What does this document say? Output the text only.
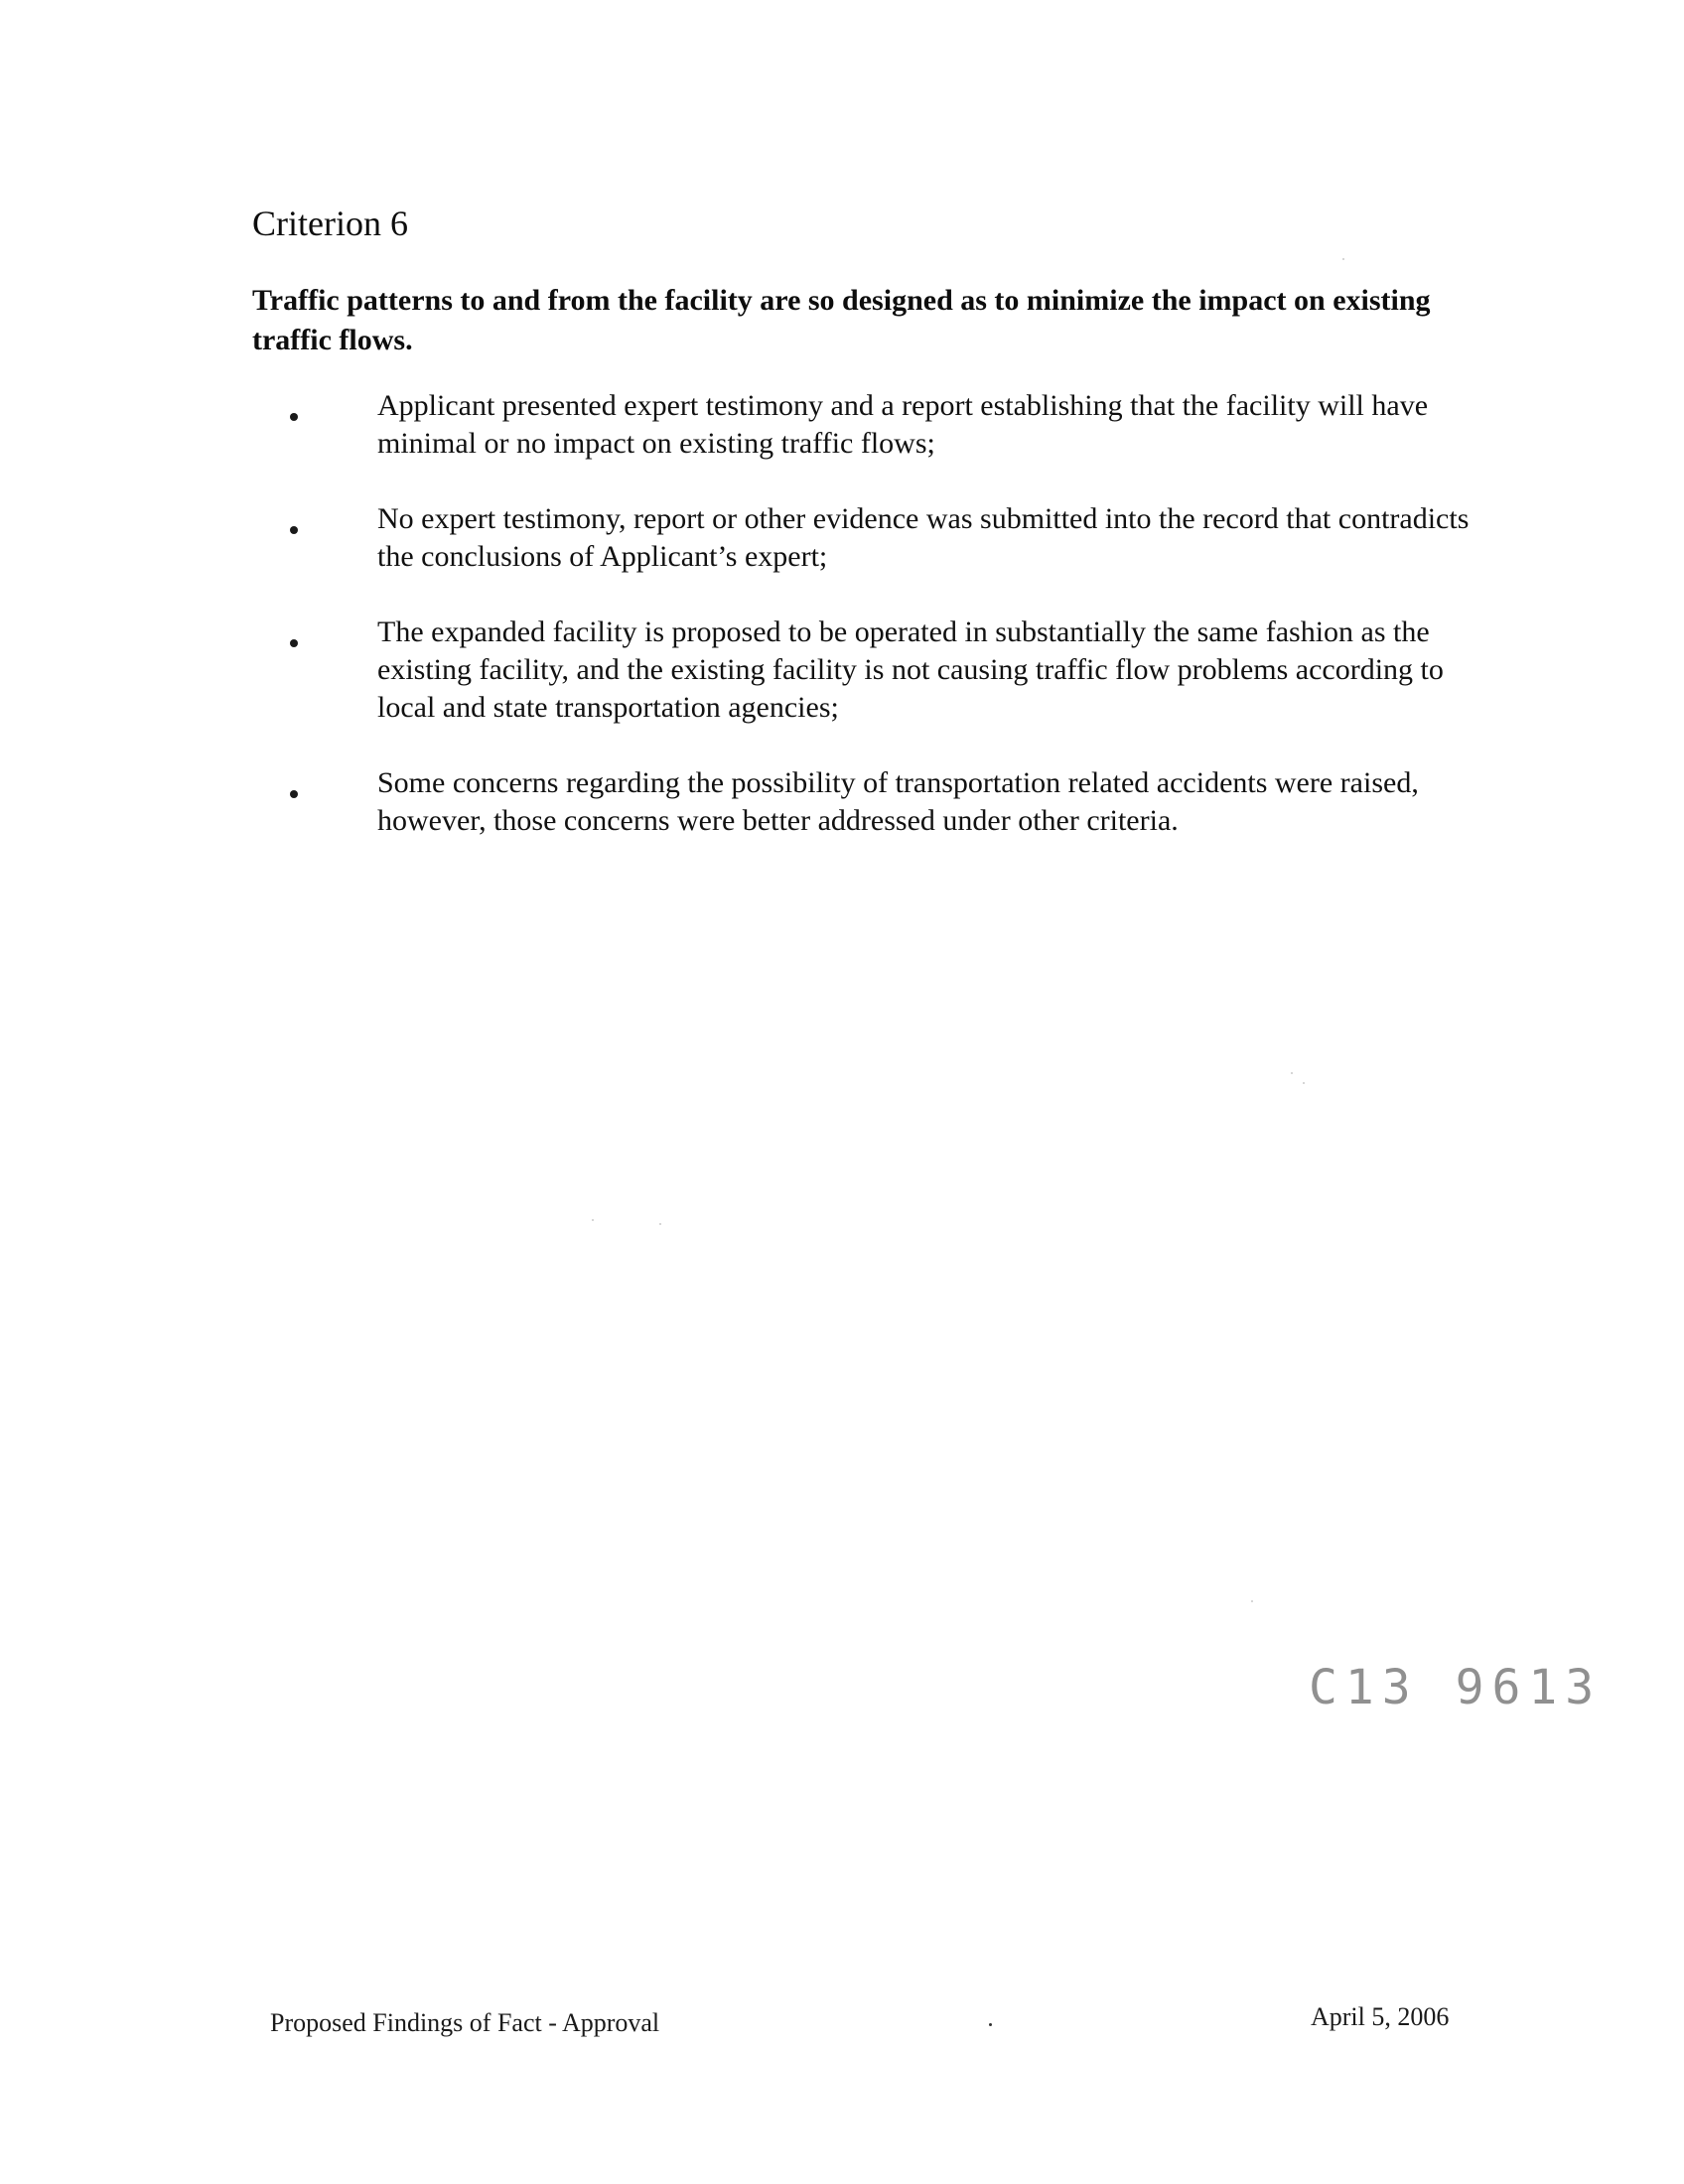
Criterion 6

Traffic patterns to and from the facility are so designed as to minimize the impact on existing traffic flows.

Applicant presented expert testimony and a report establishing that the facility will have minimal or no impact on existing traffic flows;
No expert testimony, report or other evidence was submitted into the record that contradicts the conclusions of Applicant’s expert;
The expanded facility is proposed to be operated in substantially the same fashion as the existing facility, and the existing facility is not causing traffic flow problems according to local and state transportation agencies;
Some concerns regarding the possibility of transportation related accidents were raised, however, those concerns were better addressed under other criteria.
C13 9613
Proposed Findings of Fact - Approval	April 5, 2006
